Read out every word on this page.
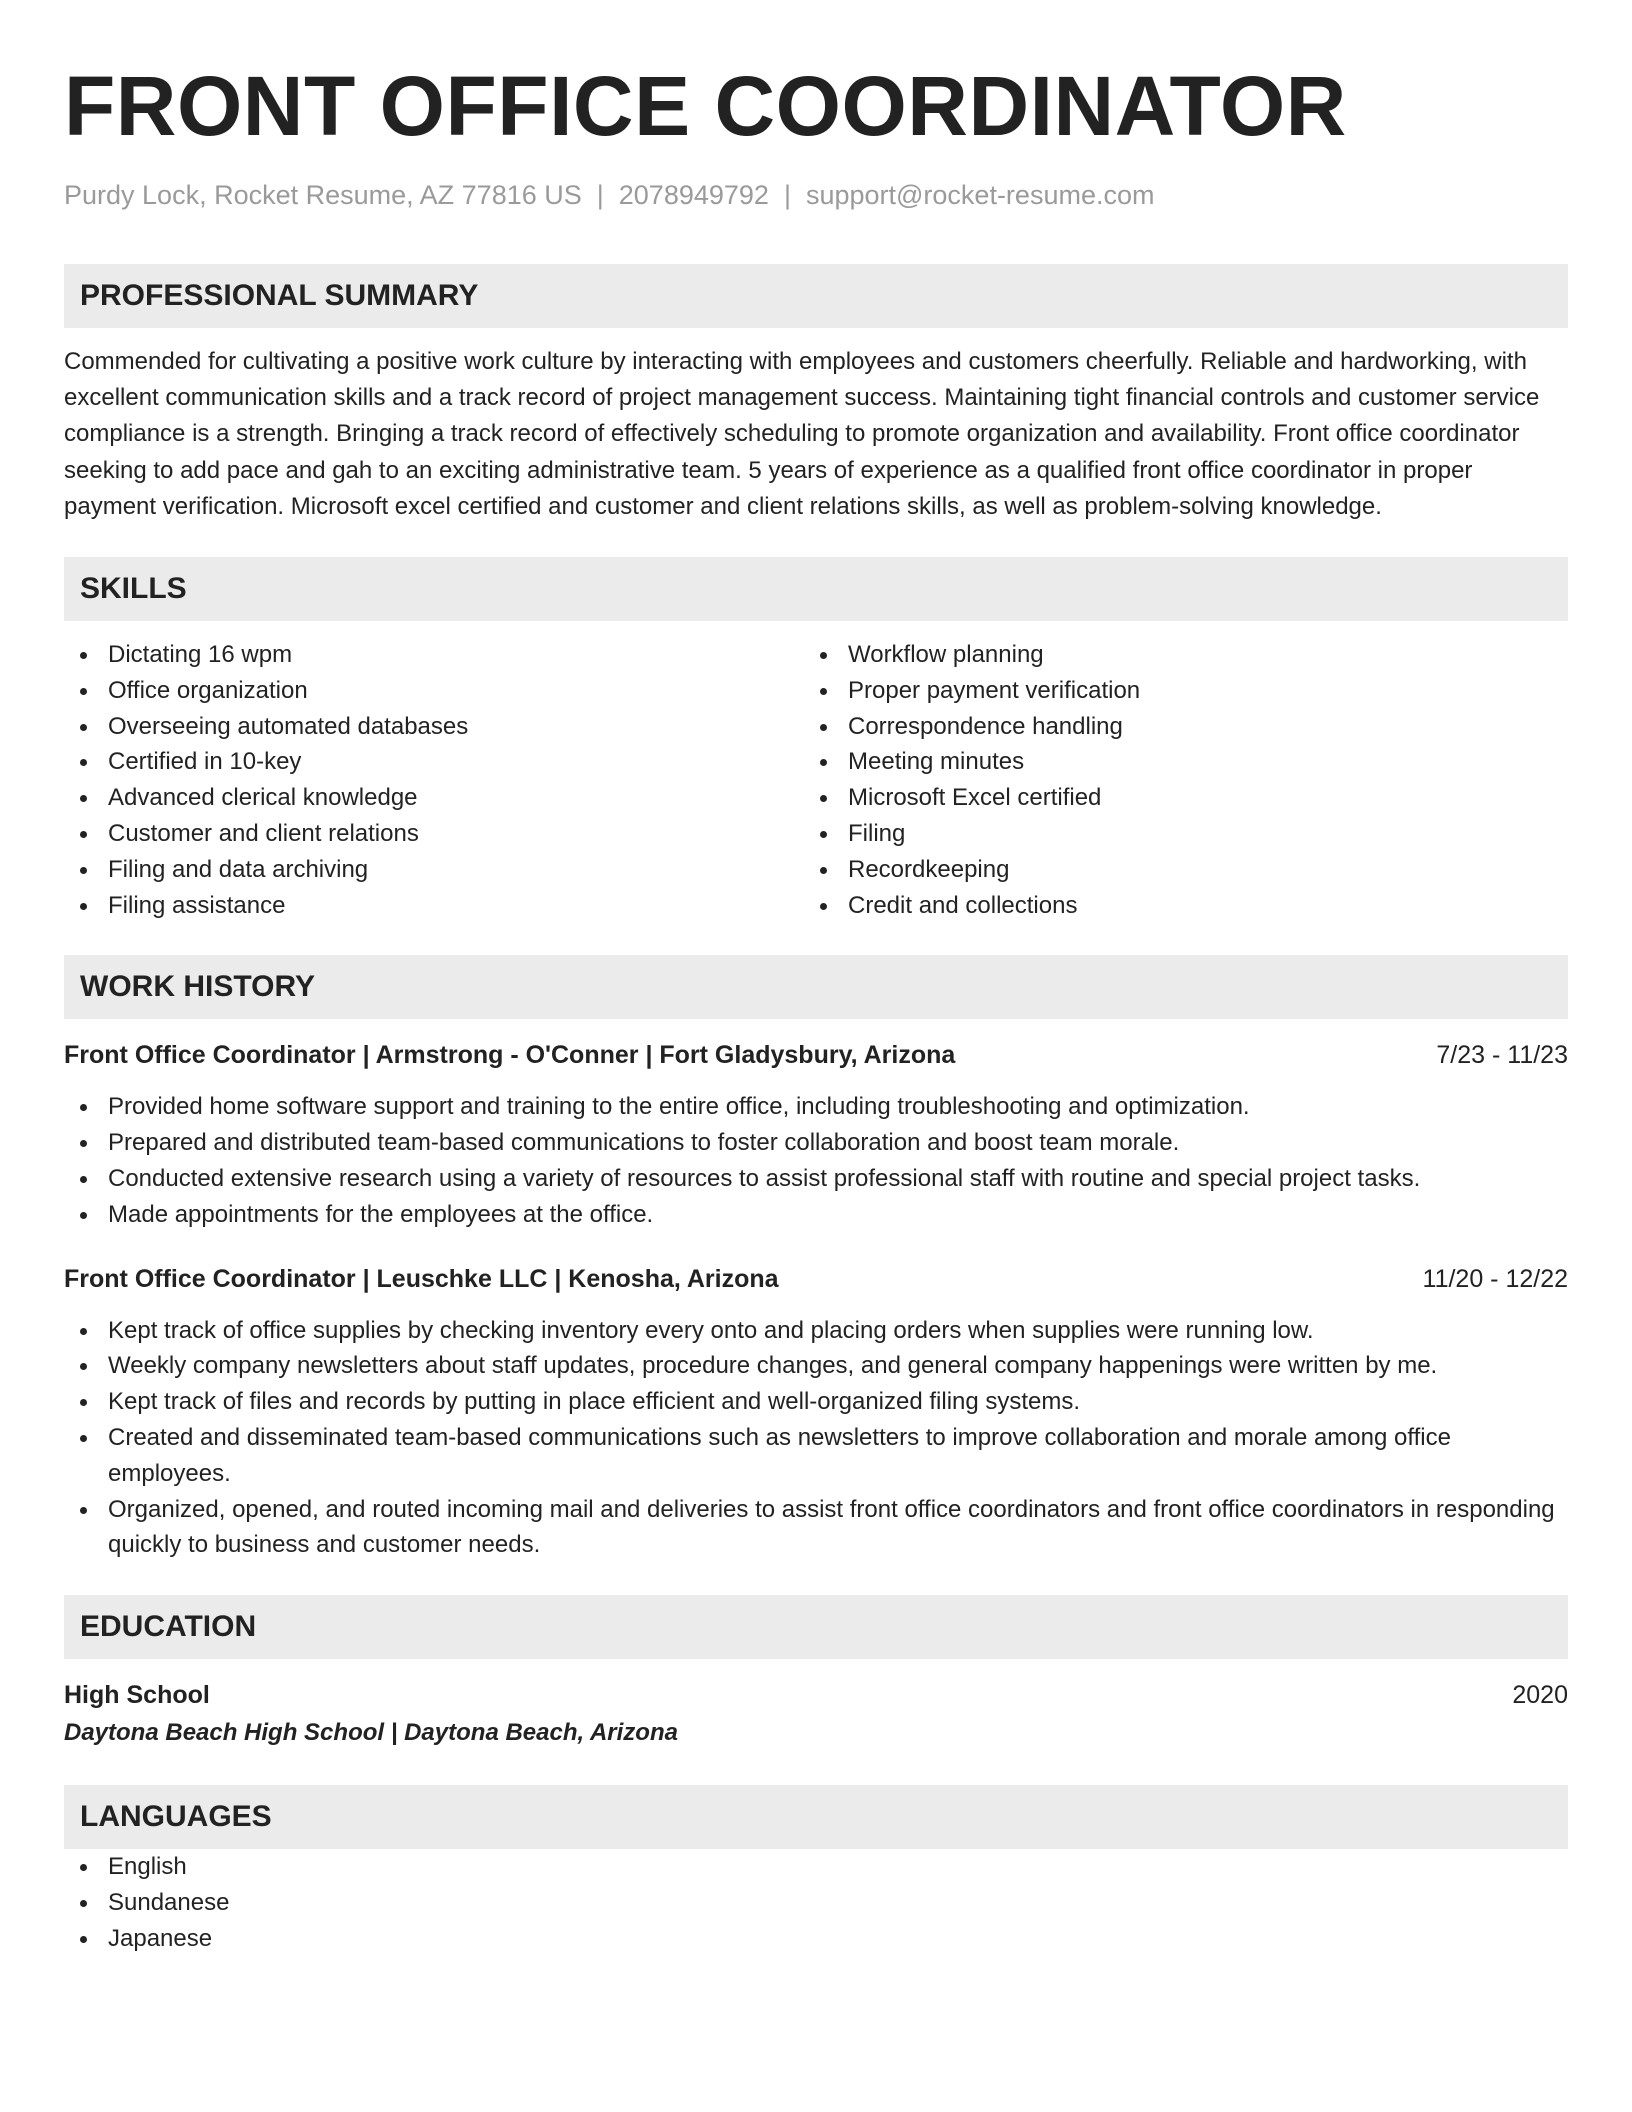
FRONT OFFICE COORDINATOR
Purdy Lock, Rocket Resume, AZ 77816 US | 2078949792 | support@rocket-resume.com
PROFESSIONAL SUMMARY
Commended for cultivating a positive work culture by interacting with employees and customers cheerfully. Reliable and hardworking, with excellent communication skills and a track record of project management success. Maintaining tight financial controls and customer service compliance is a strength. Bringing a track record of effectively scheduling to promote organization and availability. Front office coordinator seeking to add pace and gah to an exciting administrative team. 5 years of experience as a qualified front office coordinator in proper payment verification. Microsoft excel certified and customer and client relations skills, as well as problem-solving knowledge.
SKILLS
Dictating 16 wpm
Office organization
Overseeing automated databases
Certified in 10-key
Advanced clerical knowledge
Customer and client relations
Filing and data archiving
Filing assistance
Workflow planning
Proper payment verification
Correspondence handling
Meeting minutes
Microsoft Excel certified
Filing
Recordkeeping
Credit and collections
WORK HISTORY
Front Office Coordinator | Armstrong - O'Conner | Fort Gladysbury, Arizona	7/23 - 11/23
Provided home software support and training to the entire office, including troubleshooting and optimization.
Prepared and distributed team-based communications to foster collaboration and boost team morale.
Conducted extensive research using a variety of resources to assist professional staff with routine and special project tasks.
Made appointments for the employees at the office.
Front Office Coordinator | Leuschke LLC | Kenosha, Arizona	11/20 - 12/22
Kept track of office supplies by checking inventory every onto and placing orders when supplies were running low.
Weekly company newsletters about staff updates, procedure changes, and general company happenings were written by me.
Kept track of files and records by putting in place efficient and well-organized filing systems.
Created and disseminated team-based communications such as newsletters to improve collaboration and morale among office employees.
Organized, opened, and routed incoming mail and deliveries to assist front office coordinators and front office coordinators in responding quickly to business and customer needs.
EDUCATION
High School	2020
Daytona Beach High School | Daytona Beach, Arizona
LANGUAGES
English
Sundanese
Japanese
